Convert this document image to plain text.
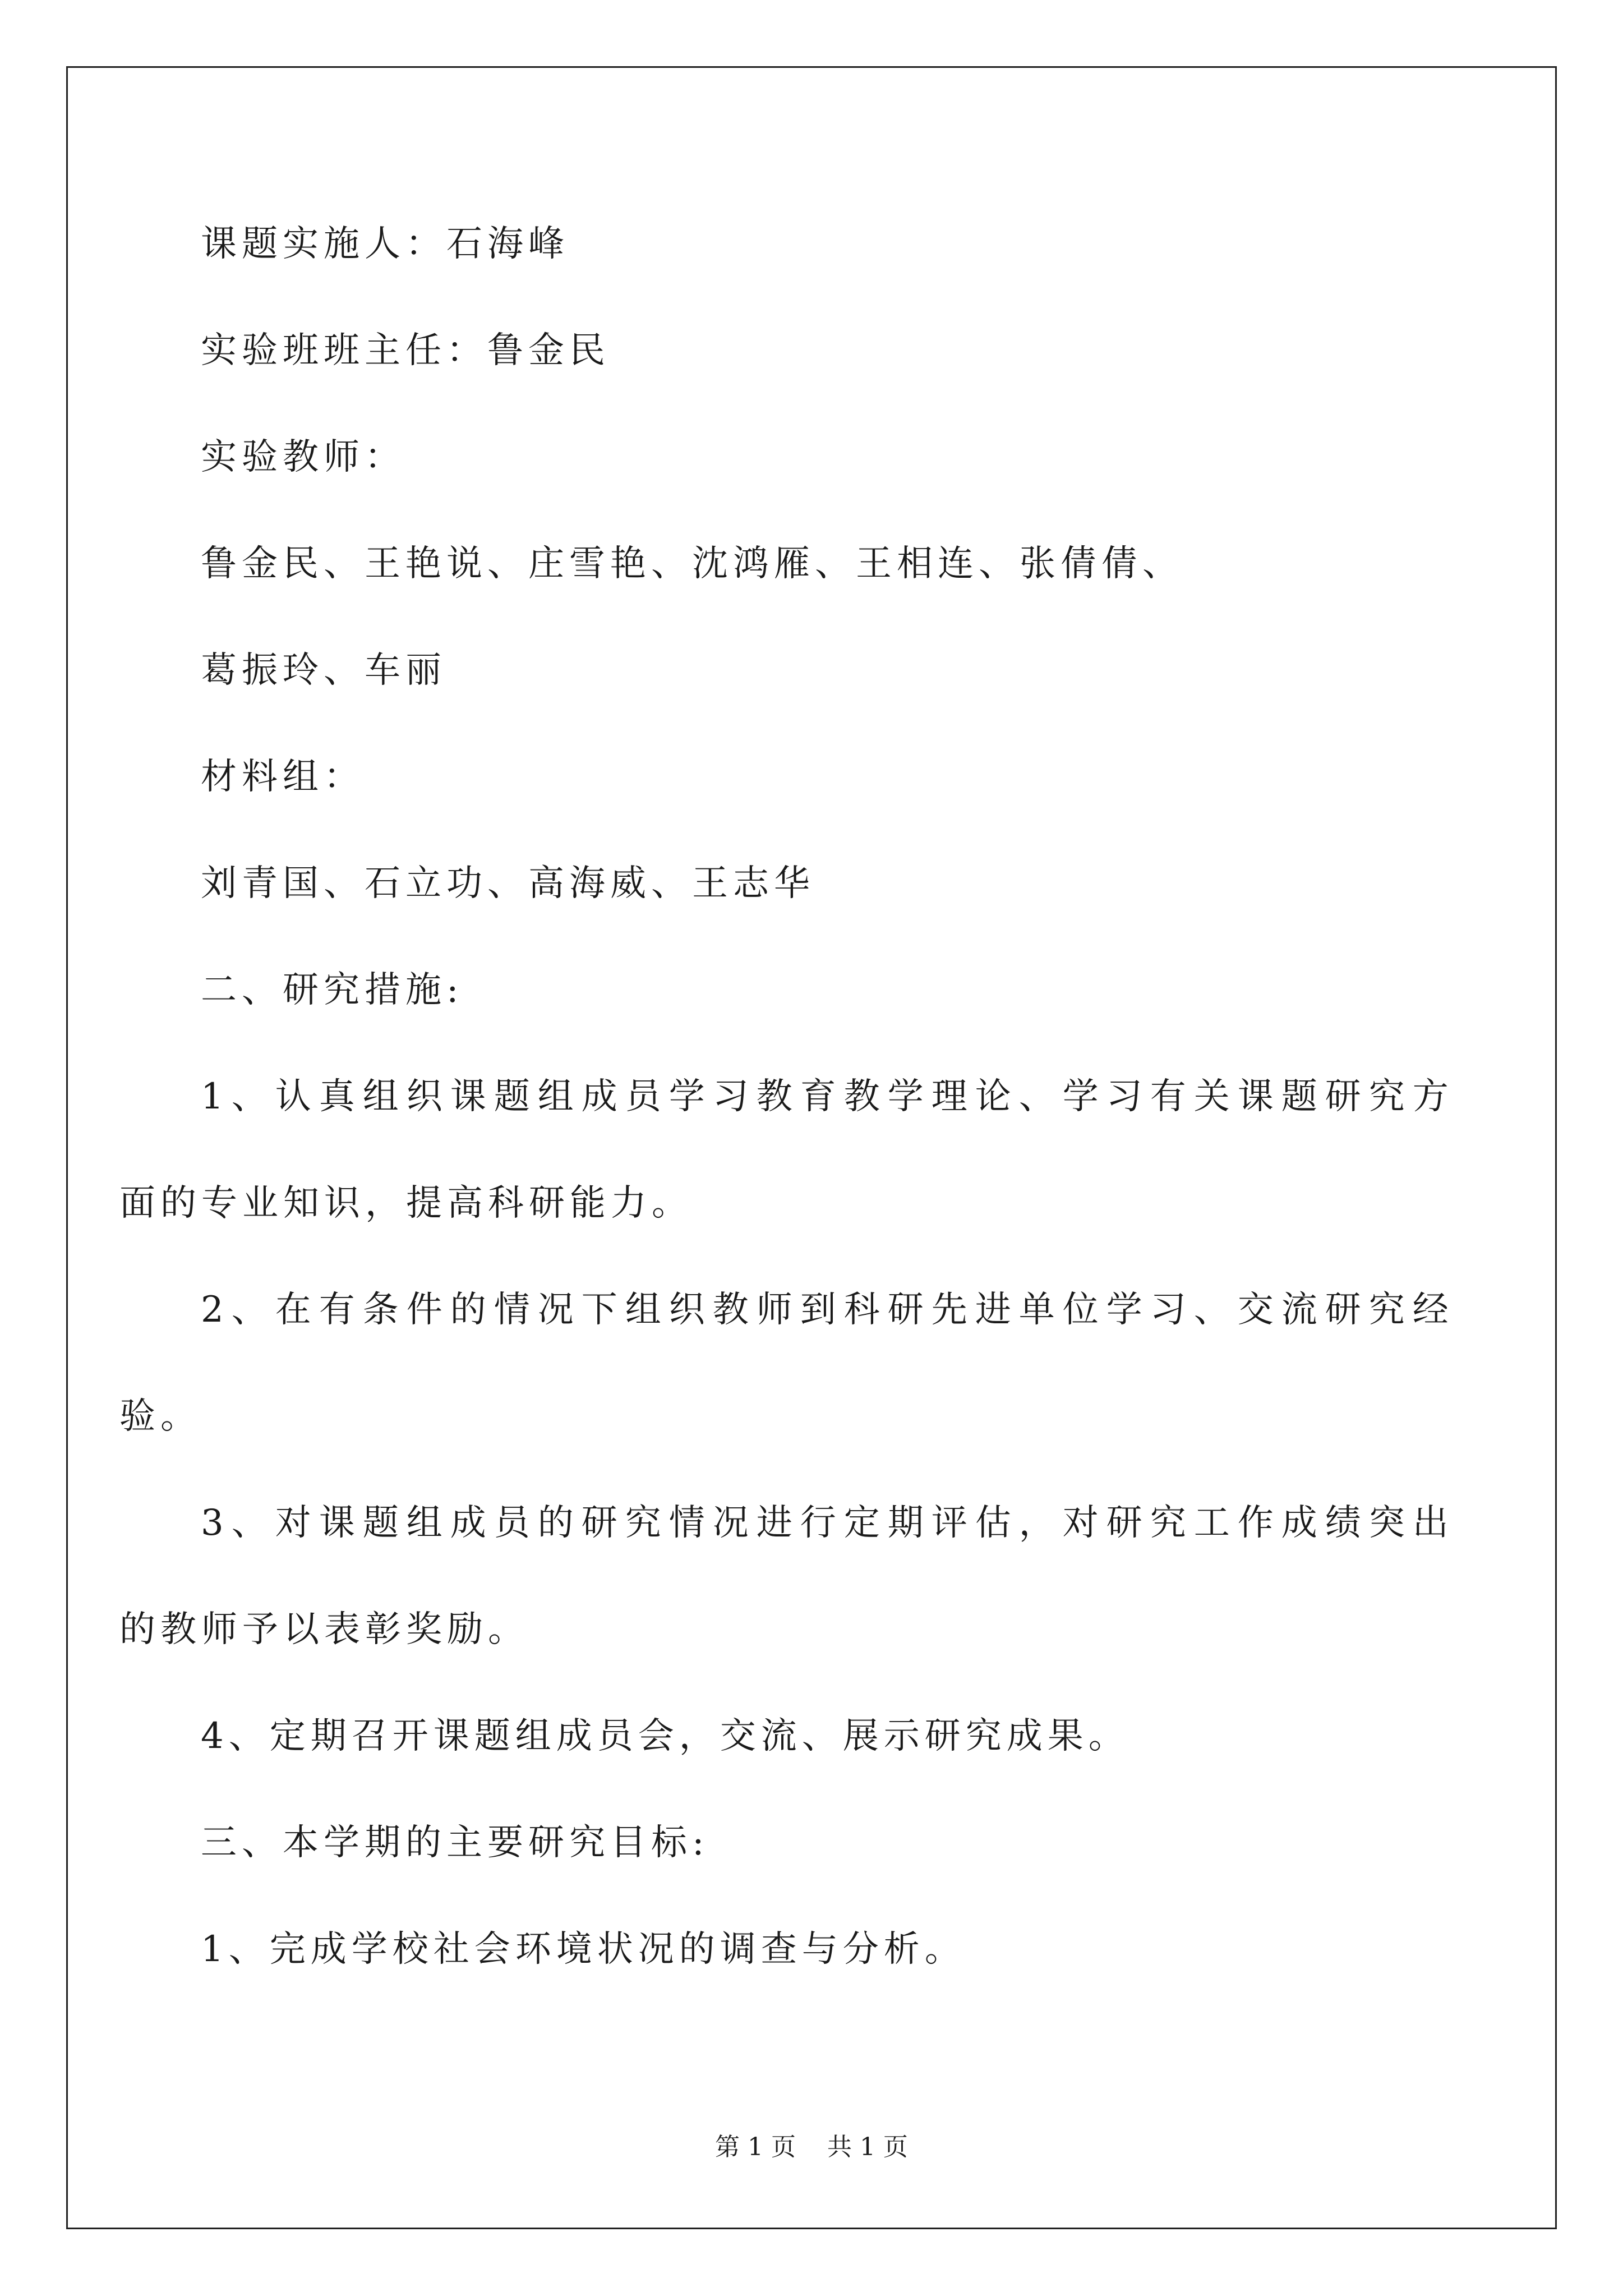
课题实施人：石海峰
实验班班主任：鲁金民
实验教师：
鲁金民、王艳说、庄雪艳、沈鸿雁、王相连、张倩倩、
葛振玲、车丽
材料组：
刘青国、石立功、高海威、王志华
二、研究措施:
1、认真组织课题组成员学习教育教学理论、学习有关课题研究方
面的专业知识，提高科研能力。
2、在有条件的情况下组织教师到科研先进单位学习、交流研究经
验。
3、对课题组成员的研究情况进行定期评估，对研究工作成绩突出
的教师予以表彰奖励。
4、定期召开课题组成员会，交流、展示研究成果。
三、本学期的主要研究目标:
1、完成学校社会环境状况的调查与分析。
第 1 页    共 1 页
